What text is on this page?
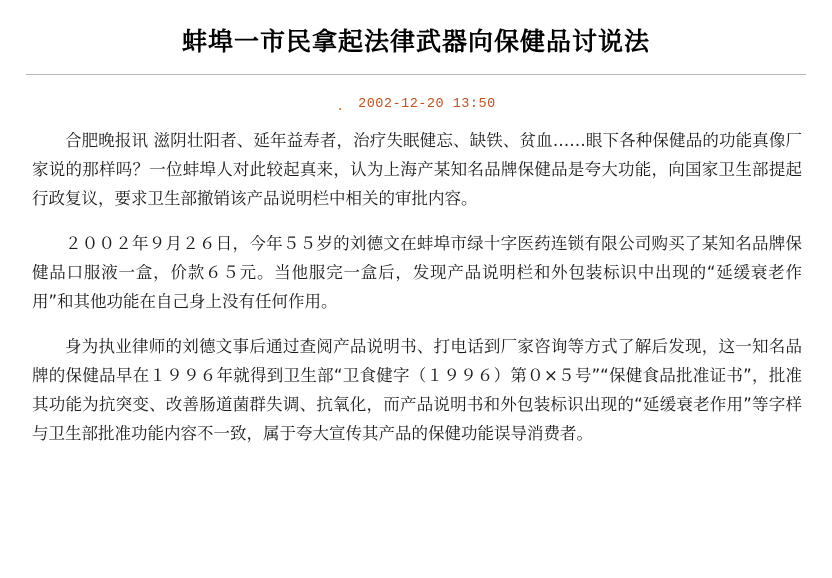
蚌埠一市民拿起法律武器向保健品讨说法
. 2002-12-20 13:50

合肥晚报讯 滋阴壮阳者、延年益寿者，治疗失眠健忘、缺铁、贫血……眼下各种保健品的功能真像厂家说的那样吗？一位蚌埠人对此较起真来，认为上海产某知名品牌保健品是夸大功能，向国家卫生部提起行政复议，要求卫生部撤销该产品说明栏中相关的审批内容。

２００２年９月２６日，今年５５岁的刘德文在蚌埠市绿十字医药连锁有限公司购买了某知名品牌保健品口服液一盒，价款６５元。当他服完一盒后，发现产品说明栏和外包装标识中出现的“延缓衰老作用”和其他功能在自己身上没有任何作用。

身为执业律师的刘德文事后通过查阅产品说明书、打电话到厂家咨询等方式了解后发现，这一知名品牌的保健品早在１９９６年就得到卫生部“卫食健字（１９９６）第０×５号”“保健食品批准证书”，批准其功能为抗突变、改善肠道菌群失调、抗氧化，而产品说明书和外包装标识出现的“延缓衰老作用”等字样与卫生部批准功能内容不一致，属于夸大宣传其产品的保健功能误导消费者。
